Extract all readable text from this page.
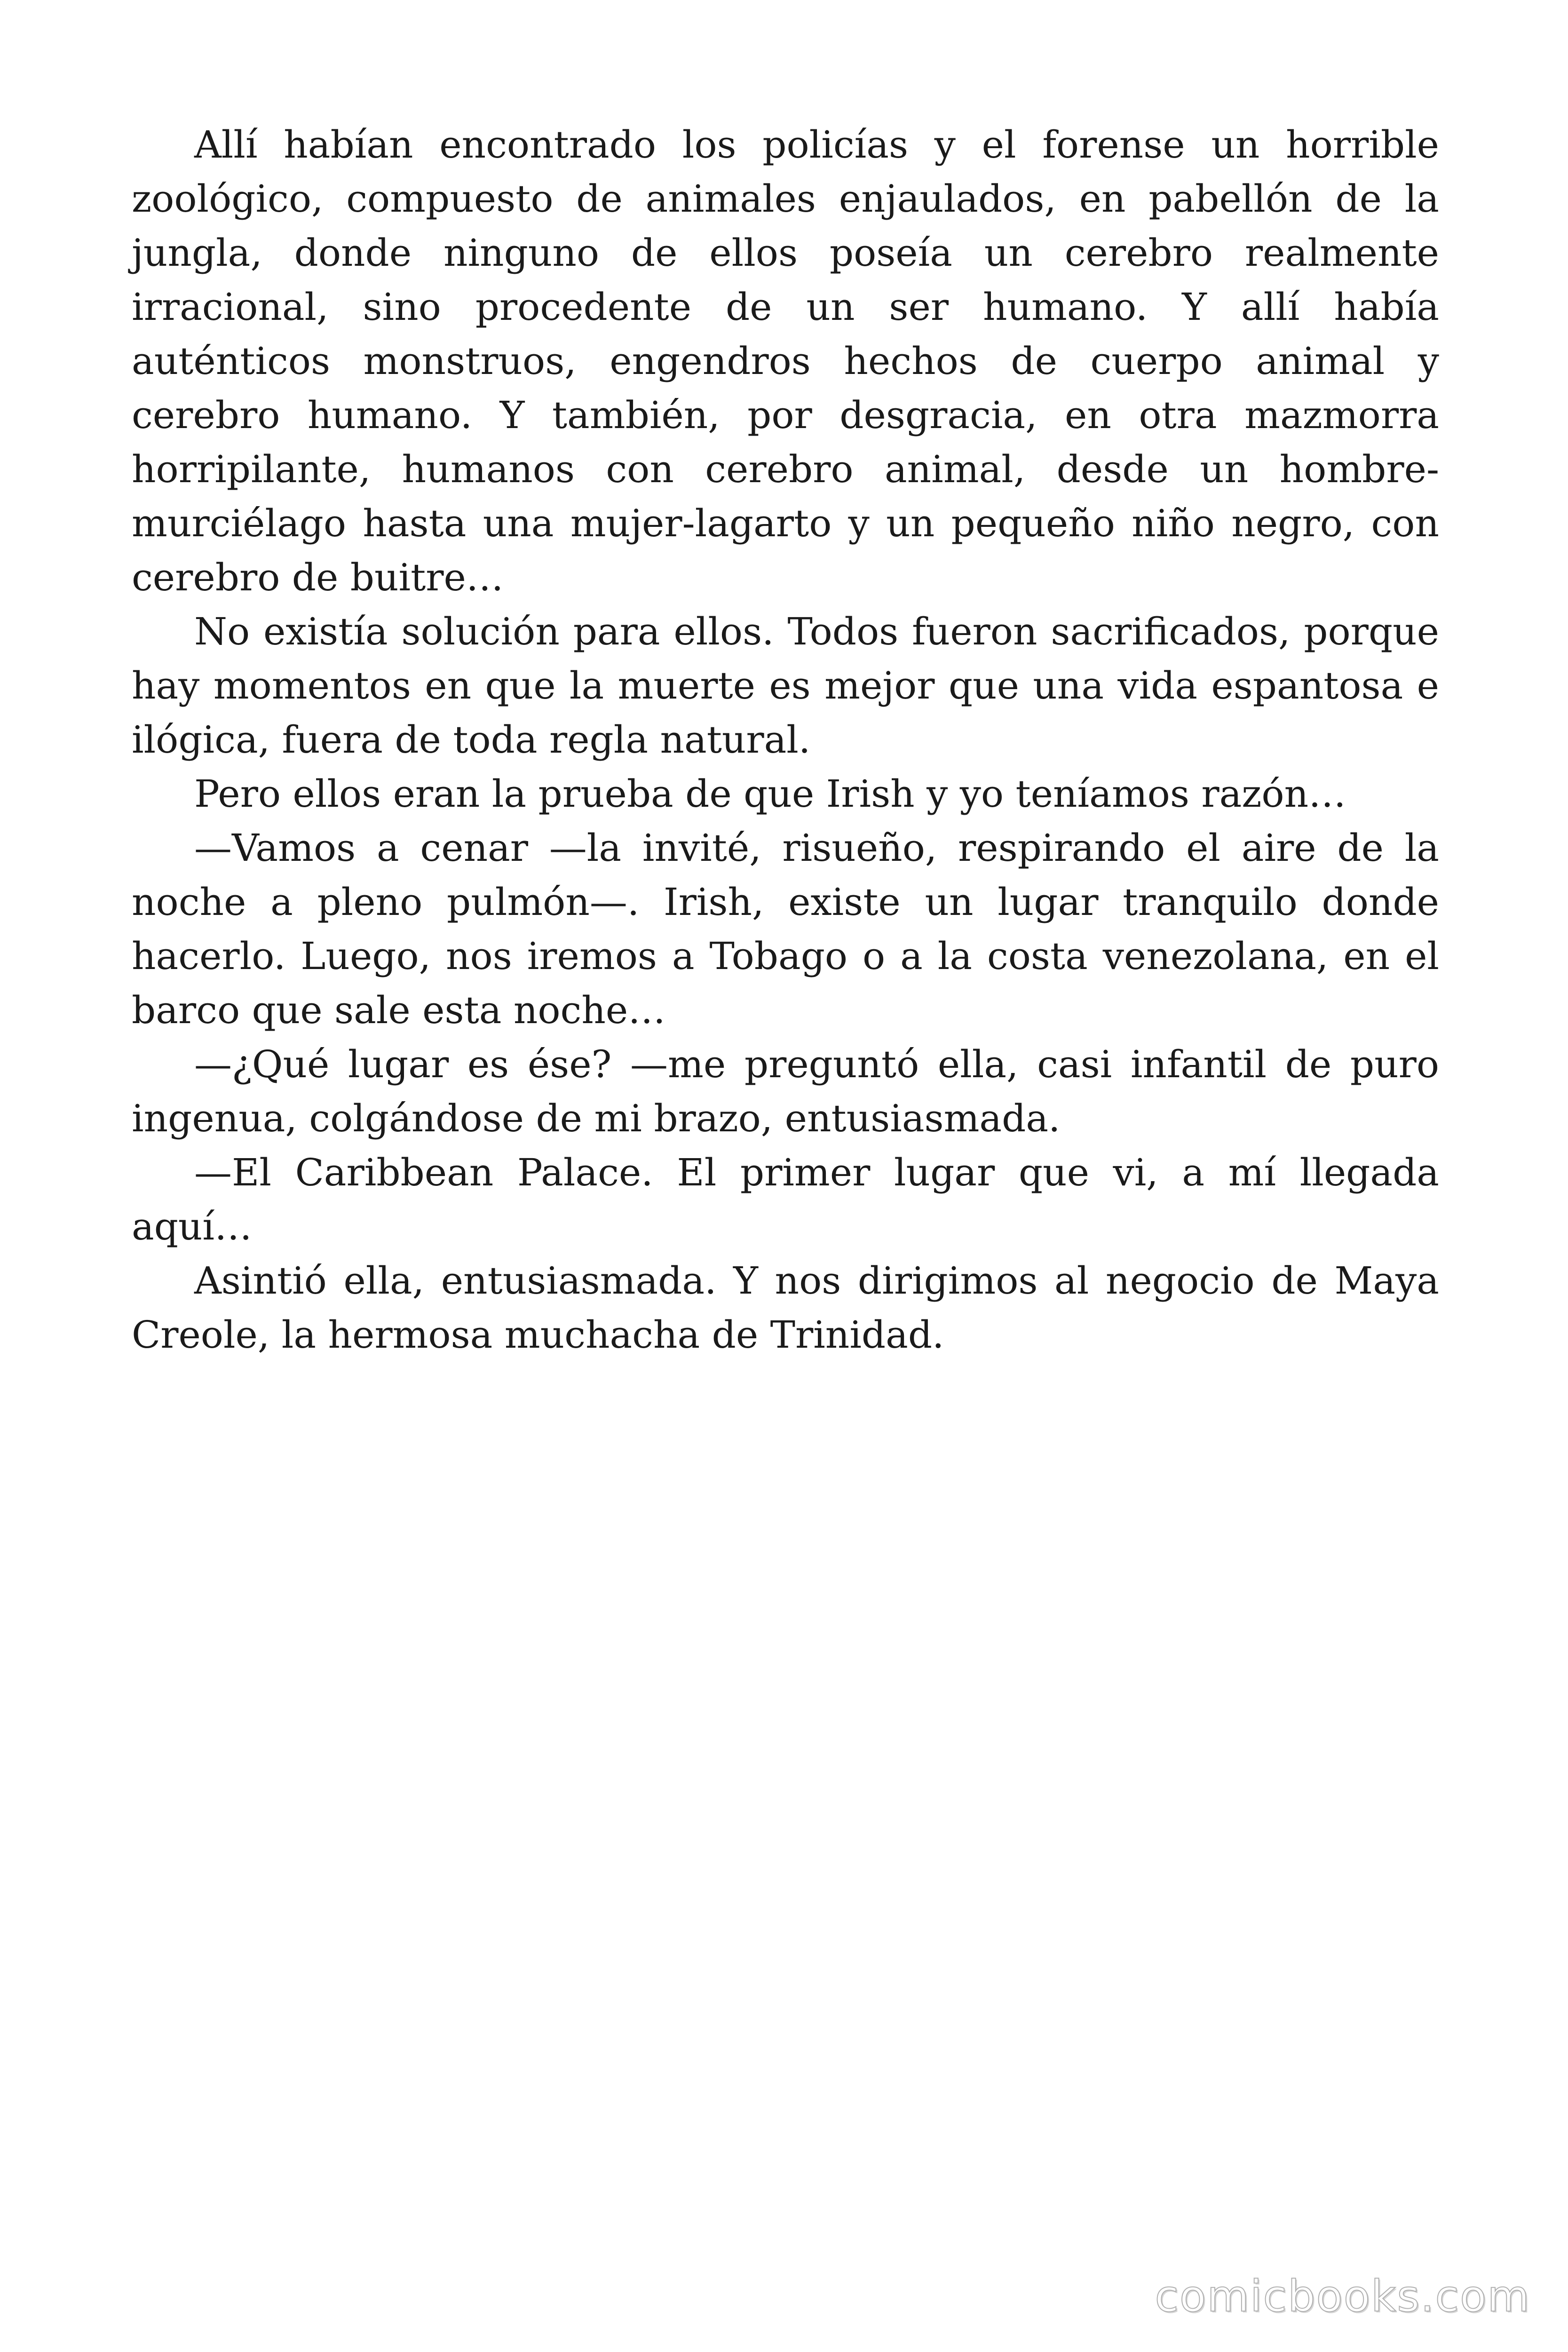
Allí habían encontrado los policías y el forense un horrible zoológico, compuesto de animales enjaulados, en pabellón de la jungla, donde ninguno de ellos poseía un cerebro realmente irracional, sino procedente de un ser humano. Y allí había auténticos monstruos, engendros hechos de cuerpo animal y cerebro humano. Y también, por desgracia, en otra mazmorra horripilante, humanos con cerebro animal, desde un hombre-murciélago hasta una mujer-lagarto y un pequeño niño negro, con cerebro de buitre…

No existía solución para ellos. Todos fueron sacrificados, porque hay momentos en que la muerte es mejor que una vida espantosa e ilógica, fuera de toda regla natural.

Pero ellos eran la prueba de que Irish y yo teníamos razón…

—Vamos a cenar —la invité, risueño, respirando el aire de la noche a pleno pulmón—. Irish, existe un lugar tranquilo donde hacerlo. Luego, nos iremos a Tobago o a la costa venezolana, en el barco que sale esta noche…

—¿Qué lugar es ése? —me preguntó ella, casi infantil de puro ingenua, colgándose de mi brazo, entusiasmada.

—El Caribbean Palace. El primer lugar que vi, a mí llegada aquí…

Asintió ella, entusiasmada. Y nos dirigimos al negocio de Maya Creole, la hermosa muchacha de Trinidad.

comicbooks.com
